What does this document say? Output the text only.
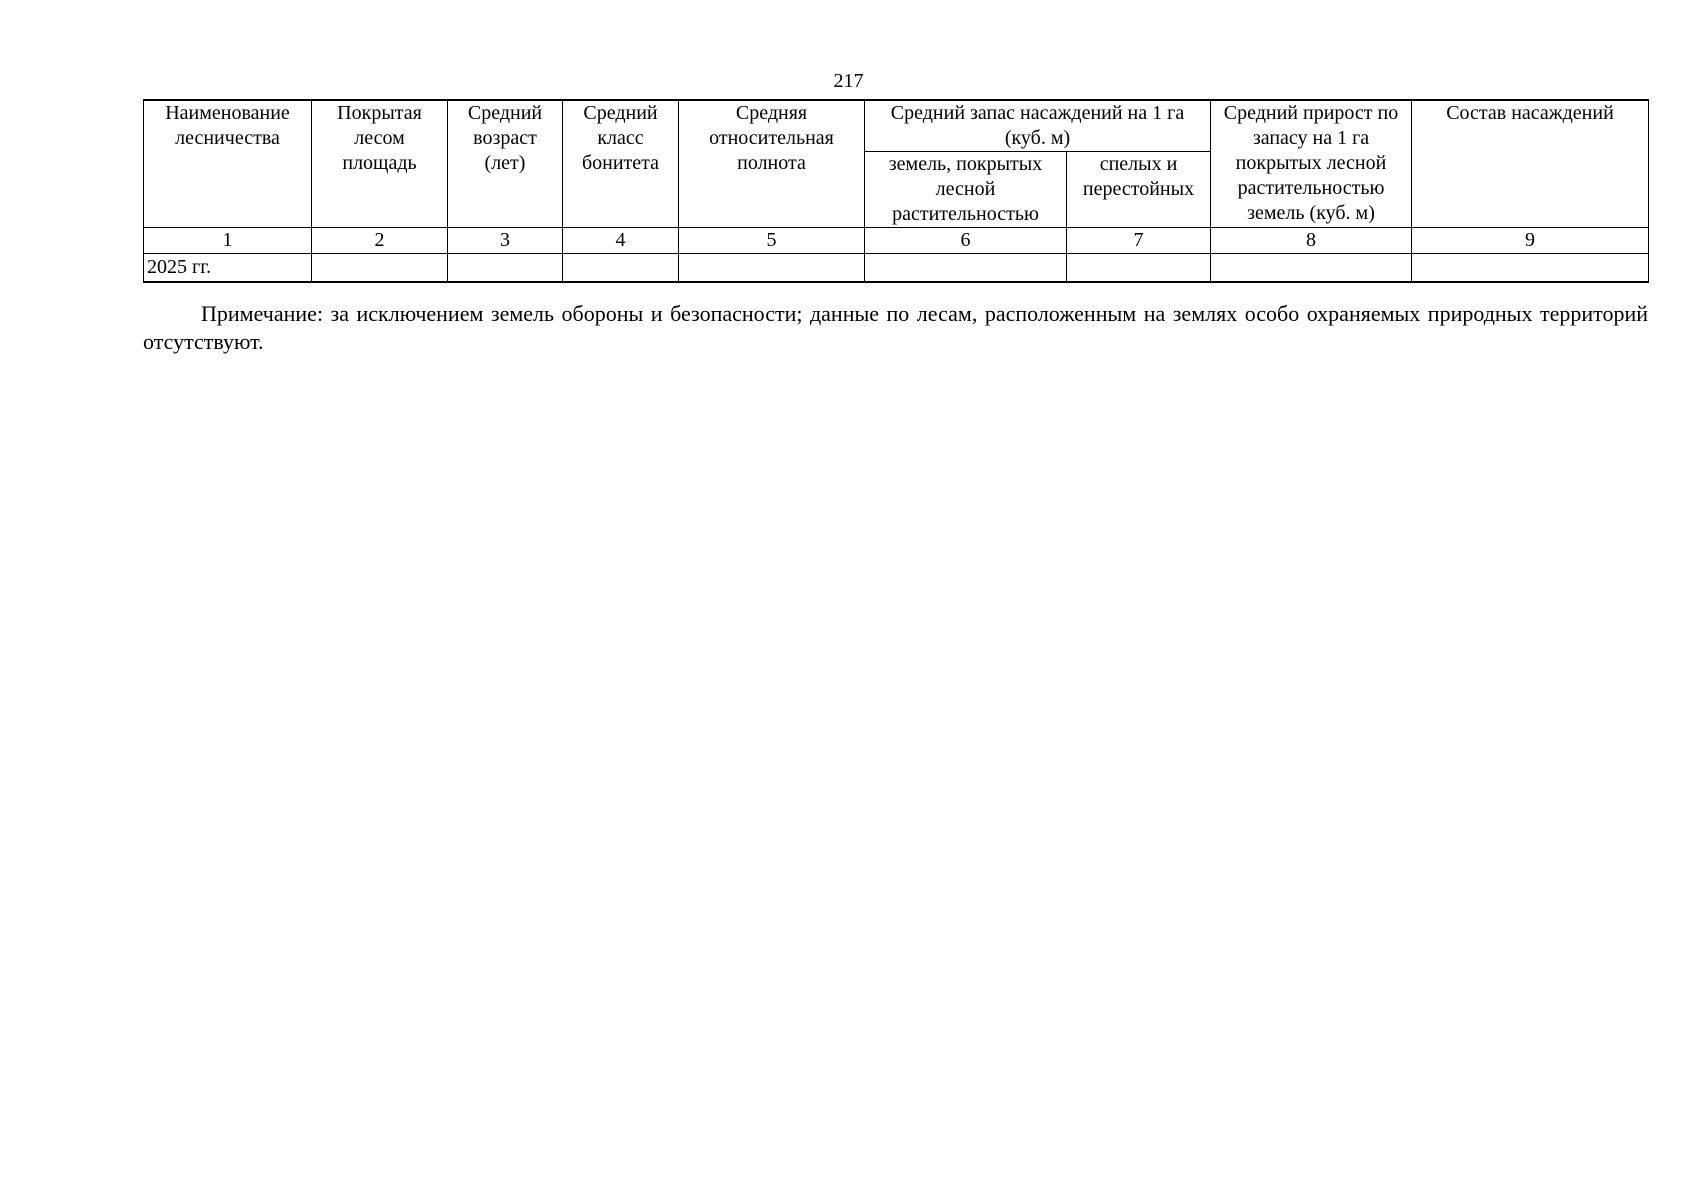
217
Наименование лесничества	Покрытая лесом площадь	Средний возраст (лет)	Средний класс бонитета	Средняя относительная полнота	Средний запас насаждений на 1 га (куб. м)		Средний прирост по запасу на 1 га покрытых лесной растительностью земель (куб. м)	Состав насаждений
					земель, покрытых лесной растительностью	спелых и перестойных		
1	2	3	4	5	6	7	8	9
2025 гг.								
Примечание: за исключением земель обороны и безопасности; данные по лесам, расположенным на землях особо охраняемых природных территорий отсутствуют.
